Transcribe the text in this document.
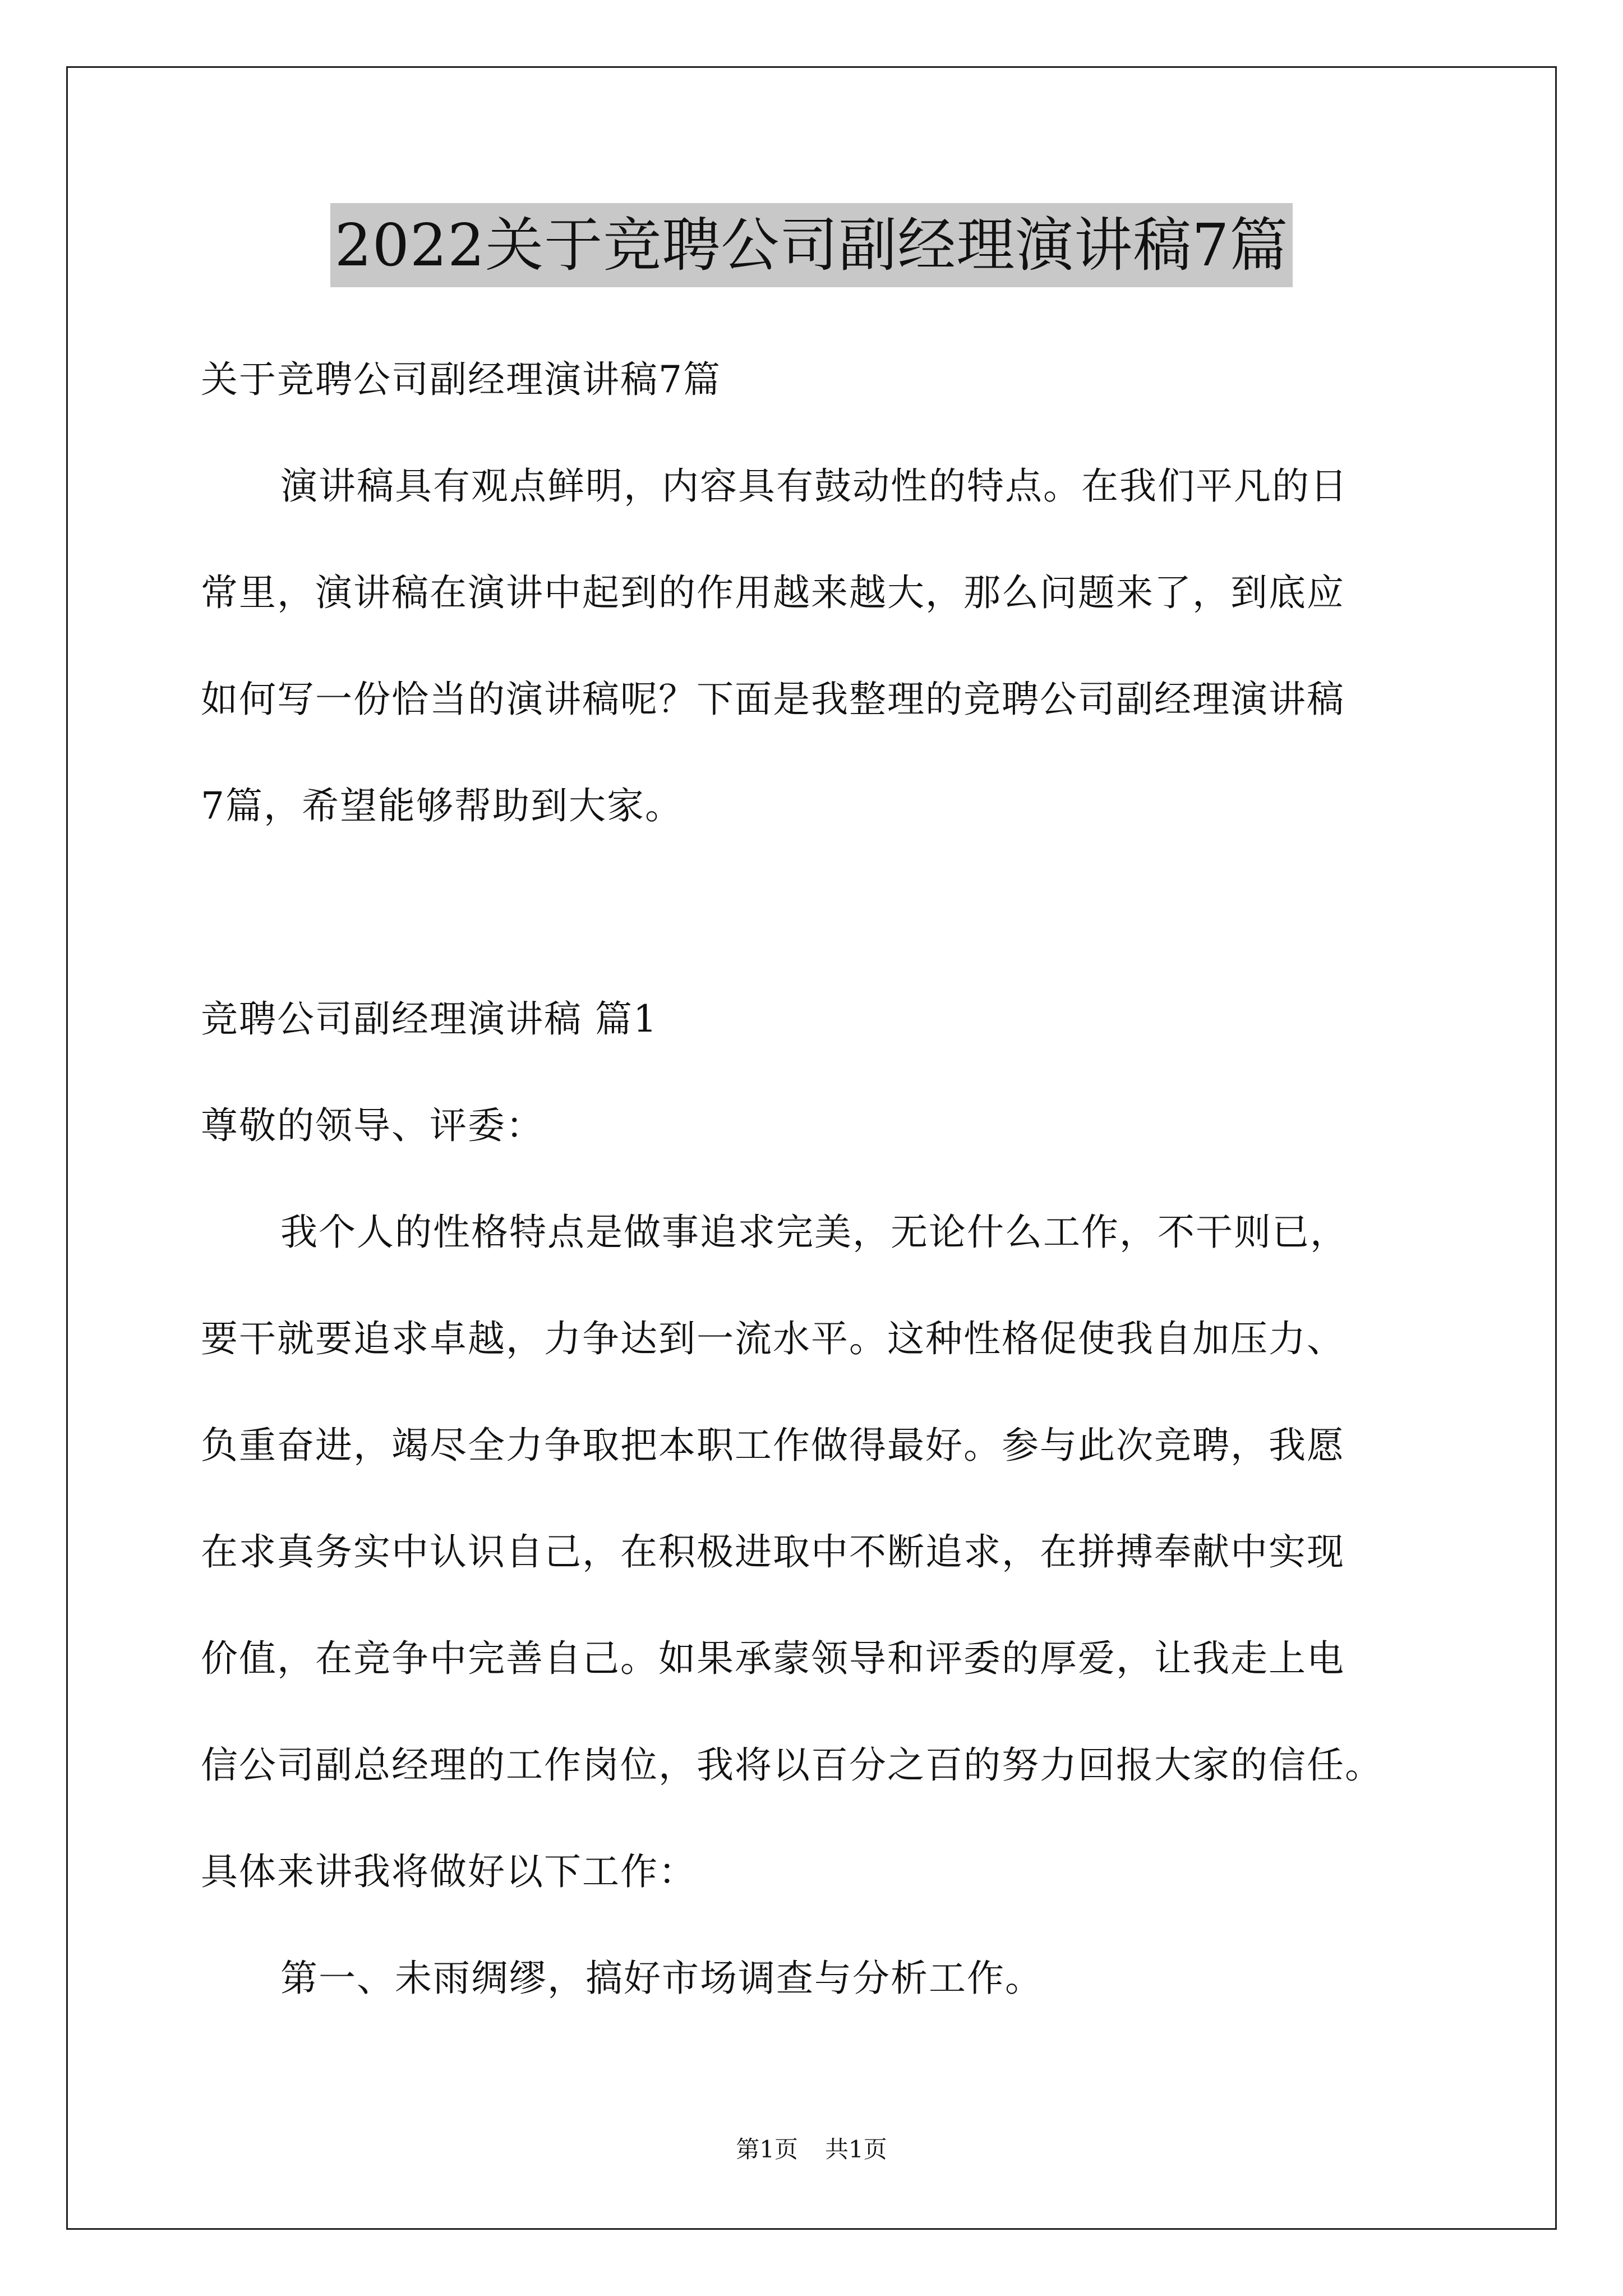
2022关于竞聘公司副经理演讲稿7篇
关于竞聘公司副经理演讲稿7篇
演讲稿具有观点鲜明，内容具有鼓动性的特点。在我们平凡的日
常里，演讲稿在演讲中起到的作用越来越大，那么问题来了，到底应
如何写一份恰当的演讲稿呢？下面是我整理的竞聘公司副经理演讲稿
7篇，希望能够帮助到大家。
竞聘公司副经理演讲稿 篇1
尊敬的领导、评委：
我个人的性格特点是做事追求完美，无论什么工作，不干则已，
要干就要追求卓越，力争达到一流水平。这种性格促使我自加压力、
负重奋进，竭尽全力争取把本职工作做得最好。参与此次竞聘，我愿
在求真务实中认识自己，在积极进取中不断追求，在拼搏奉献中实现
价值，在竞争中完善自己。如果承蒙领导和评委的厚爱，让我走上电
信公司副总经理的工作岗位，我将以百分之百的努力回报大家的信任。
具体来讲我将做好以下工作：
第一、未雨绸缪，搞好市场调查与分析工作。
第1页 共1页
